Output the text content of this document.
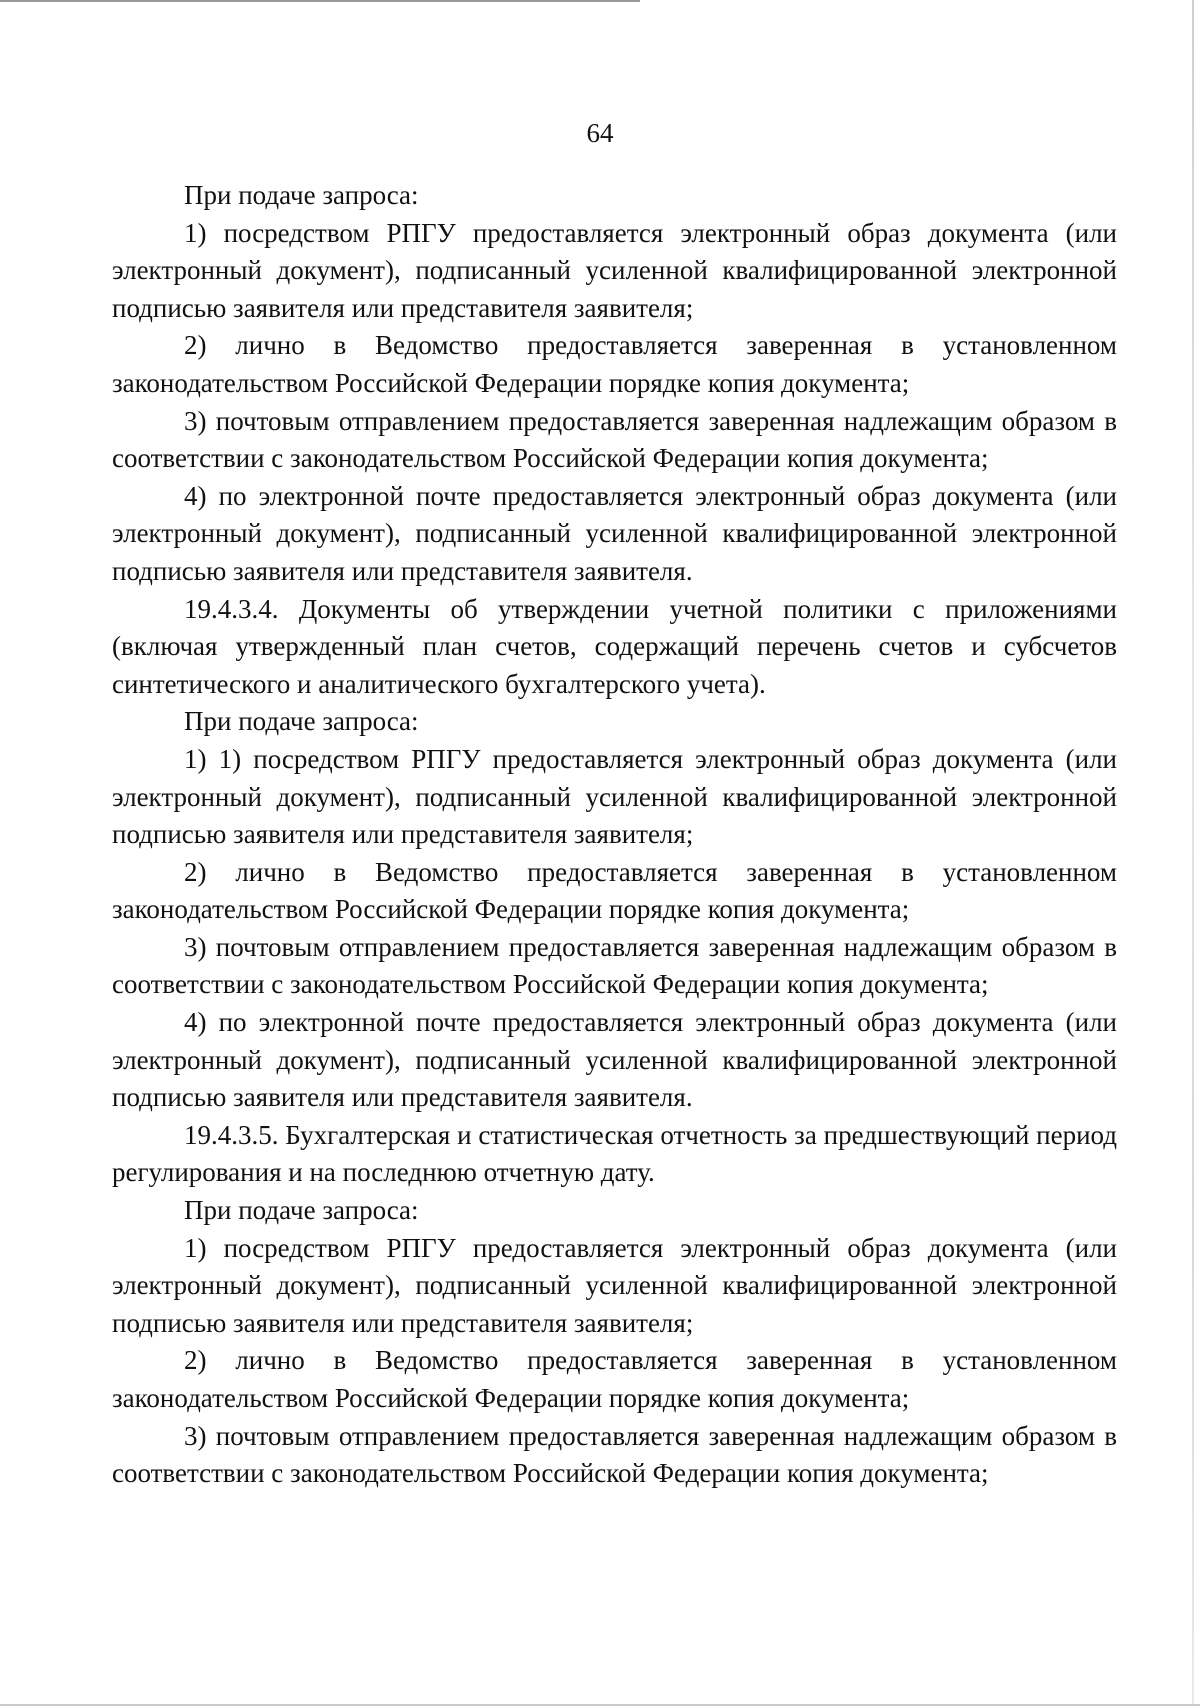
64

При подаче запроса:

1) посредством РПГУ предоставляется электронный образ документа (или электронный документ), подписанный усиленной квалифицированной электронной подписью заявителя или представителя заявителя;

2) лично в Ведомство предоставляется заверенная в установленном законодательством Российской Федерации порядке копия документа;

3) почтовым отправлением предоставляется заверенная надлежащим образом в соответствии с законодательством Российской Федерации копия документа;

4) по электронной почте предоставляется электронный образ документа (или электронный документ), подписанный усиленной квалифицированной электронной подписью заявителя или представителя заявителя.

19.4.3.4. Документы об утверждении учетной политики с приложениями (включая утвержденный план счетов, содержащий перечень счетов и субсчетов синтетического и аналитического бухгалтерского учета).

При подаче запроса:

1) 1) посредством РПГУ предоставляется электронный образ документа (или электронный документ), подписанный усиленной квалифицированной электронной подписью заявителя или представителя заявителя;

2) лично в Ведомство предоставляется заверенная в установленном законодательством Российской Федерации порядке копия документа;

3) почтовым отправлением предоставляется заверенная надлежащим образом в соответствии с законодательством Российской Федерации копия документа;

4) по электронной почте предоставляется электронный образ документа (или электронный документ), подписанный усиленной квалифицированной электронной подписью заявителя или представителя заявителя.

19.4.3.5. Бухгалтерская и статистическая отчетность за предшествующий период регулирования и на последнюю отчетную дату.

При подаче запроса:

1) посредством РПГУ предоставляется электронный образ документа (или электронный документ), подписанный усиленной квалифицированной электронной подписью заявителя или представителя заявителя;

2) лично в Ведомство предоставляется заверенная в установленном законодательством Российской Федерации порядке копия документа;

3) почтовым отправлением предоставляется заверенная надлежащим образом в соответствии с законодательством Российской Федерации копия документа;
